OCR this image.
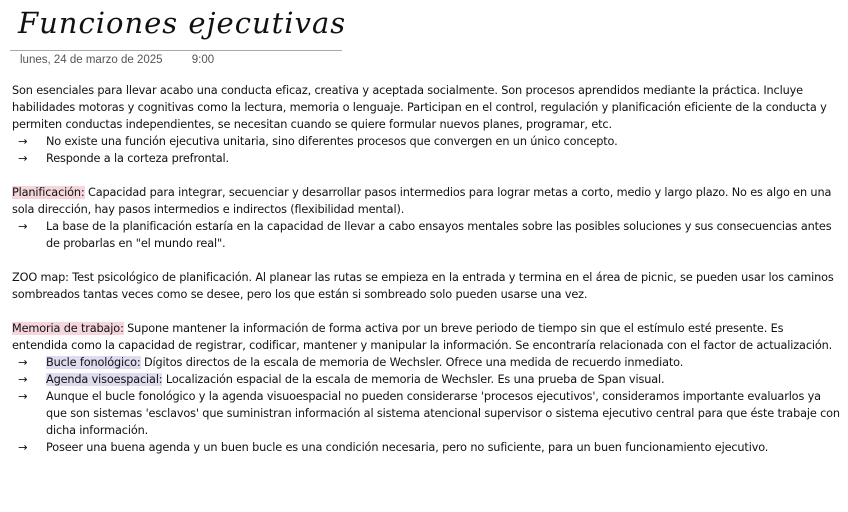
Funciones ejecutivas
lunes, 24 de marzo de 2025	9:00

Son esenciales para llevar acabo una conducta eficaz, creativa y aceptada socialmente. Son procesos aprendidos mediante la práctica. Incluye habilidades motoras y cognitivas como la lectura, memoria o lenguaje. Participan en el control, regulación y planificación eficiente de la conducta y permiten conductas independientes, se necesitan cuando se quiere formular nuevos planes, programar, etc.

→ No existe una función ejecutiva unitaria, sino diferentes procesos que convergen en un único concepto.

→ Responde a la corteza prefrontal.

Planificación: Capacidad para integrar, secuenciar y desarrollar pasos intermedios para lograr metas a corto, medio y largo plazo. No es algo en una sola dirección, hay pasos intermedios e indirectos (flexibilidad mental).

→ La base de la planificación estaría en la capacidad de llevar a cabo ensayos mentales sobre las posibles soluciones y sus consecuencias antes de probarlas en "el mundo real".

ZOO map: Test psicológico de planificación. Al planear las rutas se empieza en la entrada y termina en el área de picnic, se pueden usar los caminos sombreados tantas veces como se desee, pero los que están si sombreado solo pueden usarse una vez.

Memoria de trabajo: Supone mantener la información de forma activa por un breve periodo de tiempo sin que el estímulo esté presente. Es entendida como la capacidad de registrar, codificar, mantener y manipular la información. Se encontraría relacionada con el factor de actualización.

→ Bucle fonológico: Dígitos directos de la escala de memoria de Wechsler. Ofrece una medida de recuerdo inmediato.

→ Agenda visoespacial: Localización espacial de la escala de memoria de Wechsler. Es una prueba de Span visual.

→ Aunque el bucle fonológico y la agenda visuoespacial no pueden considerarse 'procesos ejecutivos', consideramos importante evaluarlos ya que son sistemas 'esclavos' que suministran información al sistema atencional supervisor o sistema ejecutivo central para que éste trabaje con dicha información.

→ Poseer una buena agenda y un buen bucle es una condición necesaria, pero no suficiente, para un buen funcionamiento ejecutivo.
